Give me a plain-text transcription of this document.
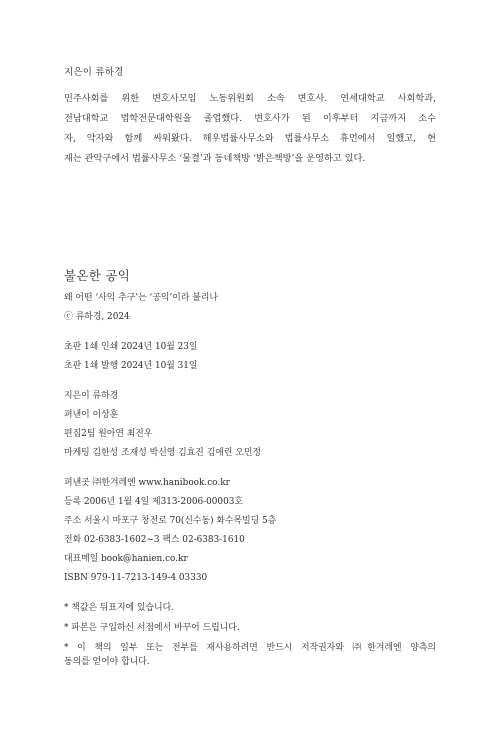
지은이 류하경

민주사회를 위한 변호사모임 노동위원회 소속 변호사. 연세대학교 사회학과,

전남대학교 법학전문대학원을 졸업했다. 변호사가 된 이후부터 지금까지 소수

자, 약자와 함께 싸워왔다. 해우법률사무소와 법률사무소 휴먼에서 일했고, 현

재는 관악구에서 법률사무소 ‘물결’과 동네책방 ‘밝은책방’을 운영하고 있다.

불온한 공익
왜 어떤 ‘사익 추구’는 ‘공익’이라 불리나
ⓒ 류하경, 2024
초판 1쇄 인쇄 2024년 10월 23일
초판 1쇄 발행 2024년 10월 31일
지은이 류하경
펴낸이 이상훈
편집2팀 원아연 최진우
마케팅 김한성 조재성 박신영 김효진 김애린 오민정
펴낸곳 ㈜한겨레엔 www.hanibook.co.kr
등록 2006년 1월 4일 제313-2006-00003호
주소 서울시 마포구 창전로 70(신수동) 화수목빌딩 5층
전화 02-6383-1602~3 팩스 02-6383-1610
대표메일 book@hanien.co.kr
ISBN 979-11-7213-149-4 03330
* 책값은 뒤표지에 있습니다.
* 파본은 구입하신 서점에서 바꾸어 드립니다.
* 이 책의 일부 또는 전부를 재사용하려면 반드시 저작권자와 ㈜한겨레엔 양측의
동의를 얻어야 합니다.
